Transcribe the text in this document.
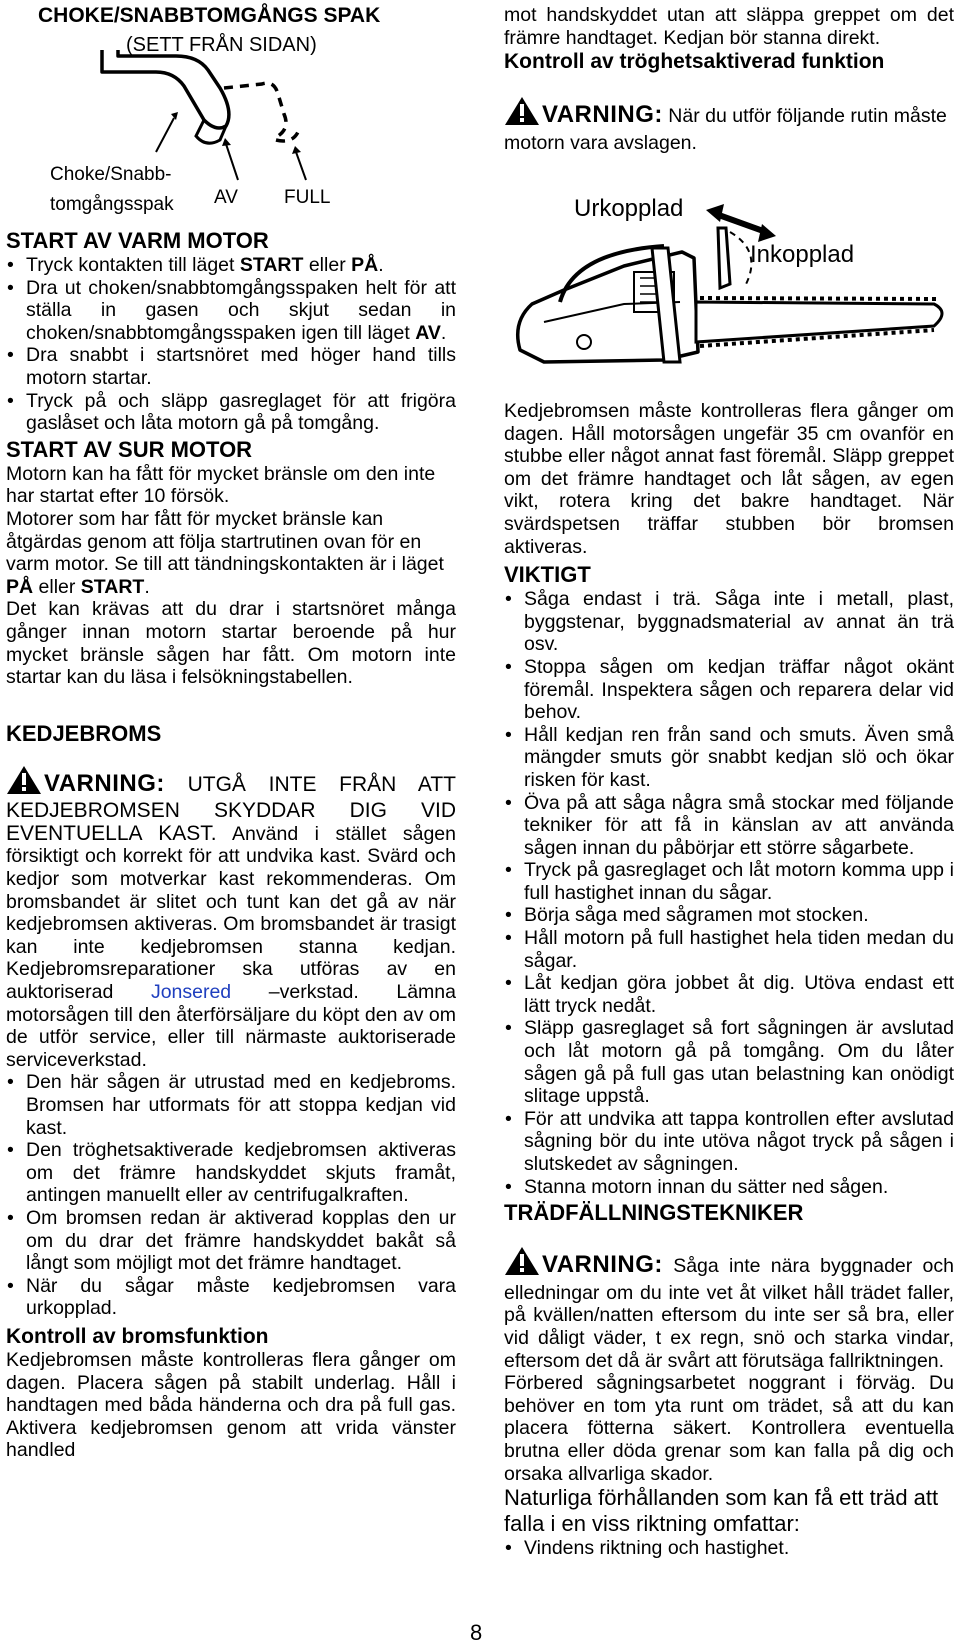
CHOKE/SNABBTOMGÅNGS SPAK
(SETT FRÅN SIDAN)
Choke/Snabb-
tomgångsspak AV FULL
START AV VARM MOTOR
• Tryck kontakten till läget START eller PÅ.
• Dra ut choken/snabbtomgångsspaken helt för att ställa in gasen och skjut sedan in choken/snabbtomgångsspaken igen till läget AV.
• Dra snabbt i startsnöret med höger hand tills motorn startar.
• Tryck på och släpp gasreglaget för att frigöra gaslåset och låta motorn gå på tomgång.
START AV SUR MOTOR

Motorn kan ha fått för mycket bränsle om den inte har startat efter 10 försök.

Motorer som har fått för mycket bränsle kan åtgärdas genom att följa startrutinen ovan för en varm motor. Se till att tändningskontakten är i läget PÅ eller START.

Det kan krävas att du drar i startsnöret många gånger innan motorn startar beroende på hur mycket bränsle sågen har fått. Om motorn inte startar kan du läsa i felsökningstabellen.

KEDJEBROMS

VARNING: UTGÅ INTE FRÅN ATT KEDJEBROMSEN SKYDDAR DIG VID EVENTUELLA KAST. Använd i stället sågen försiktigt och korrekt för att undvika kast. Svärd och kedjor som motverkar kast rekommenderas. Om bromsbandet är slitet och tunt kan det gå av när kedjebromsen aktiveras. Om bromsbandet är trasigt kan inte kedjebromsen stanna kedjan. Kedjebromsreparationer ska utföras av en auktoriserad Jonsered –verkstad. Lämna motorsågen till den återförsäljare du köpt den av om de utför service, eller till närmaste auktoriserade serviceverkstad.

• Den här sågen är utrustad med en kedjebroms. Bromsen har utformats för att stoppa kedjan vid kast.
• Den tröghetsaktiverade kedjebromsen aktiveras om det främre handskyddet skjuts framåt, antingen manuellt eller av centrifugalkraften.
• Om bromsen redan är aktiverad kopplas den ur om du drar det främre handskyddet bakåt så långt som möjligt mot det främre handtaget.
• När du sågar måste kedjebromsen vara urkopplad.
Kontroll av bromsfunktion

Kedjebromsen måste kontrolleras flera gånger om dagen. Placera sågen på stabilt underlag. Håll i handtagen med båda händerna och dra på full gas. Aktivera kedjebromsen genom att vrida vänster handled

mot handskyddet utan att släppa greppet om det främre handtaget. Kedjan bör stanna direkt.

Kontroll av tröghetsaktiverad funktion

VARNING: När du utför följande rutin måste motorn vara avslagen.

Urkopplad
Inkopplad

Kedjebromsen måste kontrolleras flera gånger om dagen. Håll motorsågen ungefär 35 cm ovanför en stubbe eller något annat fast föremål. Släpp greppet om det främre handtaget och låt sågen, av egen vikt, rotera kring det bakre handtaget. När svärdspetsen träffar stubben bör bromsen aktiveras.

VIKTIGT
• Såga endast i trä. Såga inte i metall, plast, byggstenar, byggnadsmaterial av annat än trä osv.
• Stoppa sågen om kedjan träffar något okänt föremål. Inspektera sågen och reparera delar vid behov.
• Håll kedjan ren från sand och smuts. Även små mängder smuts gör snabbt kedjan slö och ökar risken för kast.
• Öva på att såga några små stockar med följande tekniker för att få in känslan av att använda sågen innan du påbörjar ett större sågarbete.
• Tryck på gasreglaget och låt motorn komma upp i full hastighet innan du sågar.
• Börja såga med sågramen mot stocken.
• Håll motorn på full hastighet hela tiden medan du sågar.
• Låt kedjan göra jobbet åt dig. Utöva endast ett lätt tryck nedåt.
• Släpp gasreglaget så fort sågningen är avslutad och låt motorn gå på tomgång. Om du låter sågen gå på full gas utan belastning kan onödigt slitage uppstå.
• För att undvika att tappa kontrollen efter avslutad sågning bör du inte utöva något tryck på sågen i slutskedet av sågningen.
• Stanna motorn innan du sätter ned sågen.
TRÄDFÄLLNINGSTEKNIKER

VARNING: Såga inte nära byggnader och elledningar om du inte vet åt vilket håll trädet faller, på kvällen/natten eftersom du inte ser så bra, eller vid dåligt väder, t ex regn, snö och starka vindar, eftersom det då är svårt att förutsäga fallriktningen.

Förbered sågningsarbetet noggrant i förväg. Du behöver en tom yta runt om trädet, så att du kan placera fötterna säkert. Kontrollera eventuella brutna eller döda grenar som kan falla på dig och orsaka allvarliga skador.

Naturliga förhållanden som kan få ett träd att falla i en viss riktning omfattar:

• Vindens riktning och hastighet.
8
